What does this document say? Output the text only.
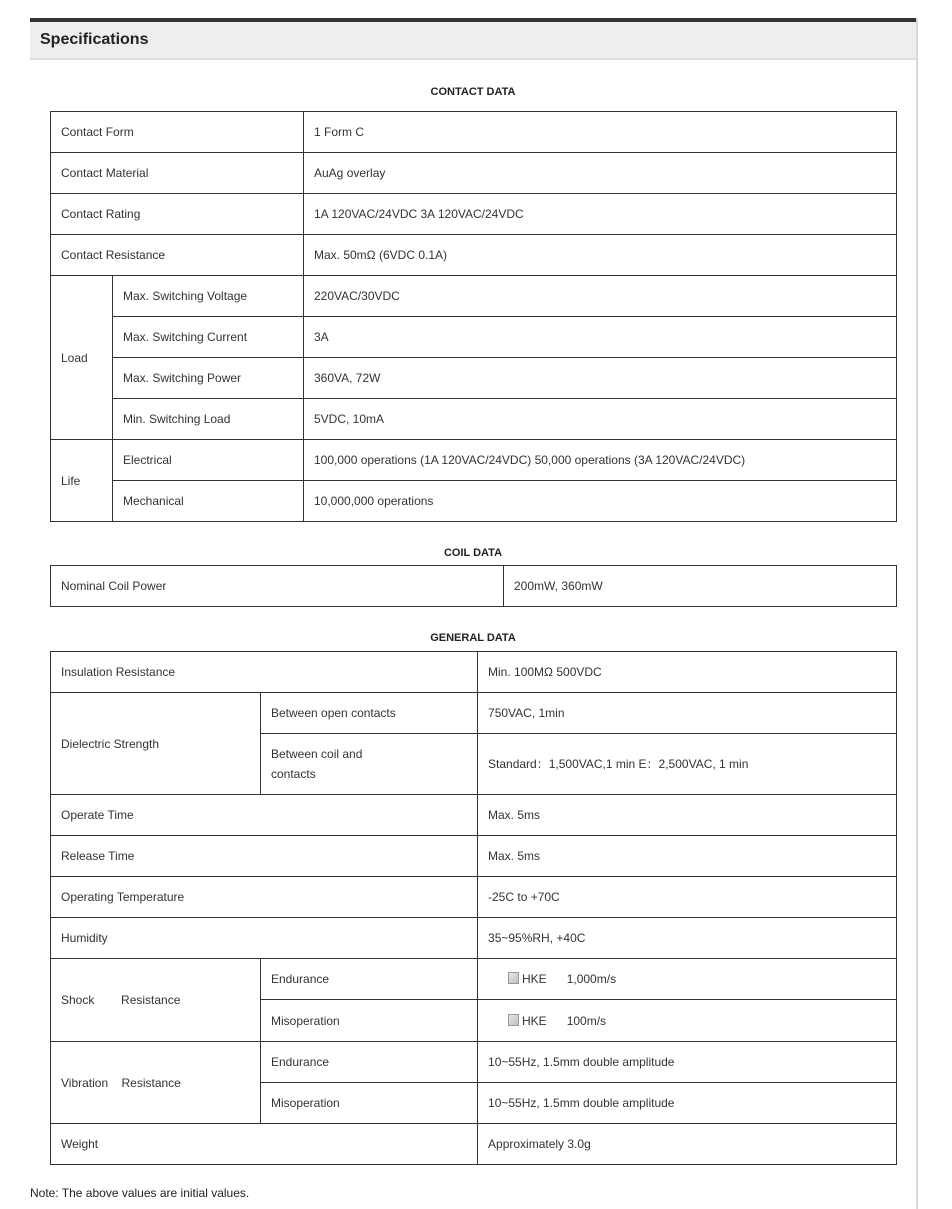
Specifications
CONTACT DATA
Contact Form		1 Form C
Contact Material		AuAg overlay
Contact Rating		1A 120VAC/24VDC 3A 120VAC/24VDC
Contact Resistance		Max. 50mΩ (6VDC 0.1A)
Load	Max. Switching Voltage	220VAC/30VDC
	Max. Switching Current	3A
	Max. Switching Power	360VA, 72W
	Min. Switching Load	5VDC, 10mA
Life	Electrical	100,000 operations (1A 120VAC/24VDC) 50,000 operations (3A 120VAC/24VDC)
	Mechanical	10,000,000 operations
COIL DATA
Nominal Coil Power	200mW, 360mW
GENERAL DATA
Insulation Resistance		Min. 100MΩ 500VDC
Dielectric Strength	Between open contacts	750VAC, 1min
	Between coil and contacts	Standard：1,500VAC,1 min E：2,500VAC, 1 min
Operate Time		Max. 5ms
Release Time		Max. 5ms
Operating Temperature		-25C to +70C
Humidity		35~95%RH, +40C
Shock        Resistance	Endurance	HKE 1,000m/s
	Misoperation	HKE 100m/s
Vibration    Resistance	Endurance	10~55Hz, 1.5mm double amplitude
	Misoperation	10~55Hz, 1.5mm double amplitude
Weight		Approximately 3.0g
Note: The above values are initial values.
